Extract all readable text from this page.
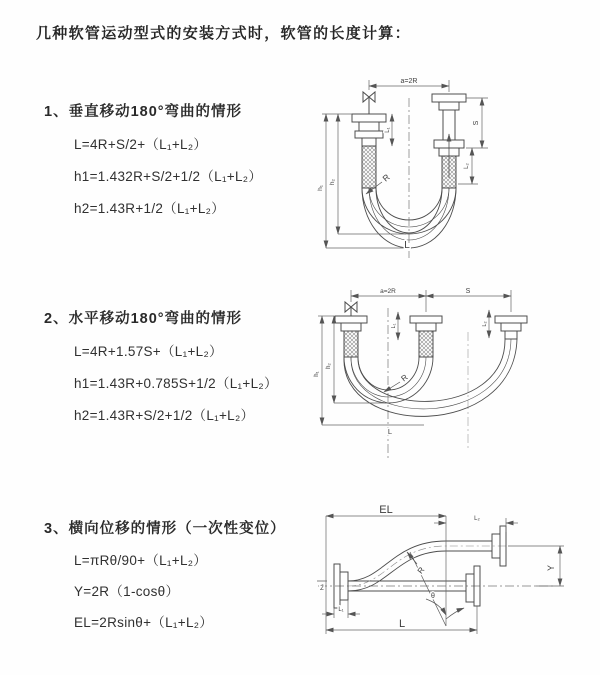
几种软管运动型式的安装方式时，软管的长度计算：
1、垂直移动180°弯曲的情形
L=4R+S/2+（L₁+L₂）
h1=1.432R+S/2+1/2（L₁+L₂）
h2=1.43R+1/2（L₁+L₂）
2、水平移动180°弯曲的情形
L=4R+1.57S+（L₁+L₂）
h1=1.43R+0.785S+1/2（L₁+L₂）
h2=1.43R+S/2+1/2（L₁+L₂）
3、横向位移的情形（一次性变位）
L=πRθ/90+（L₁+L₂）
Y=2R（1-cosθ）
EL=2Rsinθ+（L₁+L₂）
a=2R
h₂
h₁
L₁
S
L₂
R
L
a=2R	S
h₂
h₁
L₁	L₂
R
L
EL
Z̄
L₂
Y
R
θ
L₁
L
